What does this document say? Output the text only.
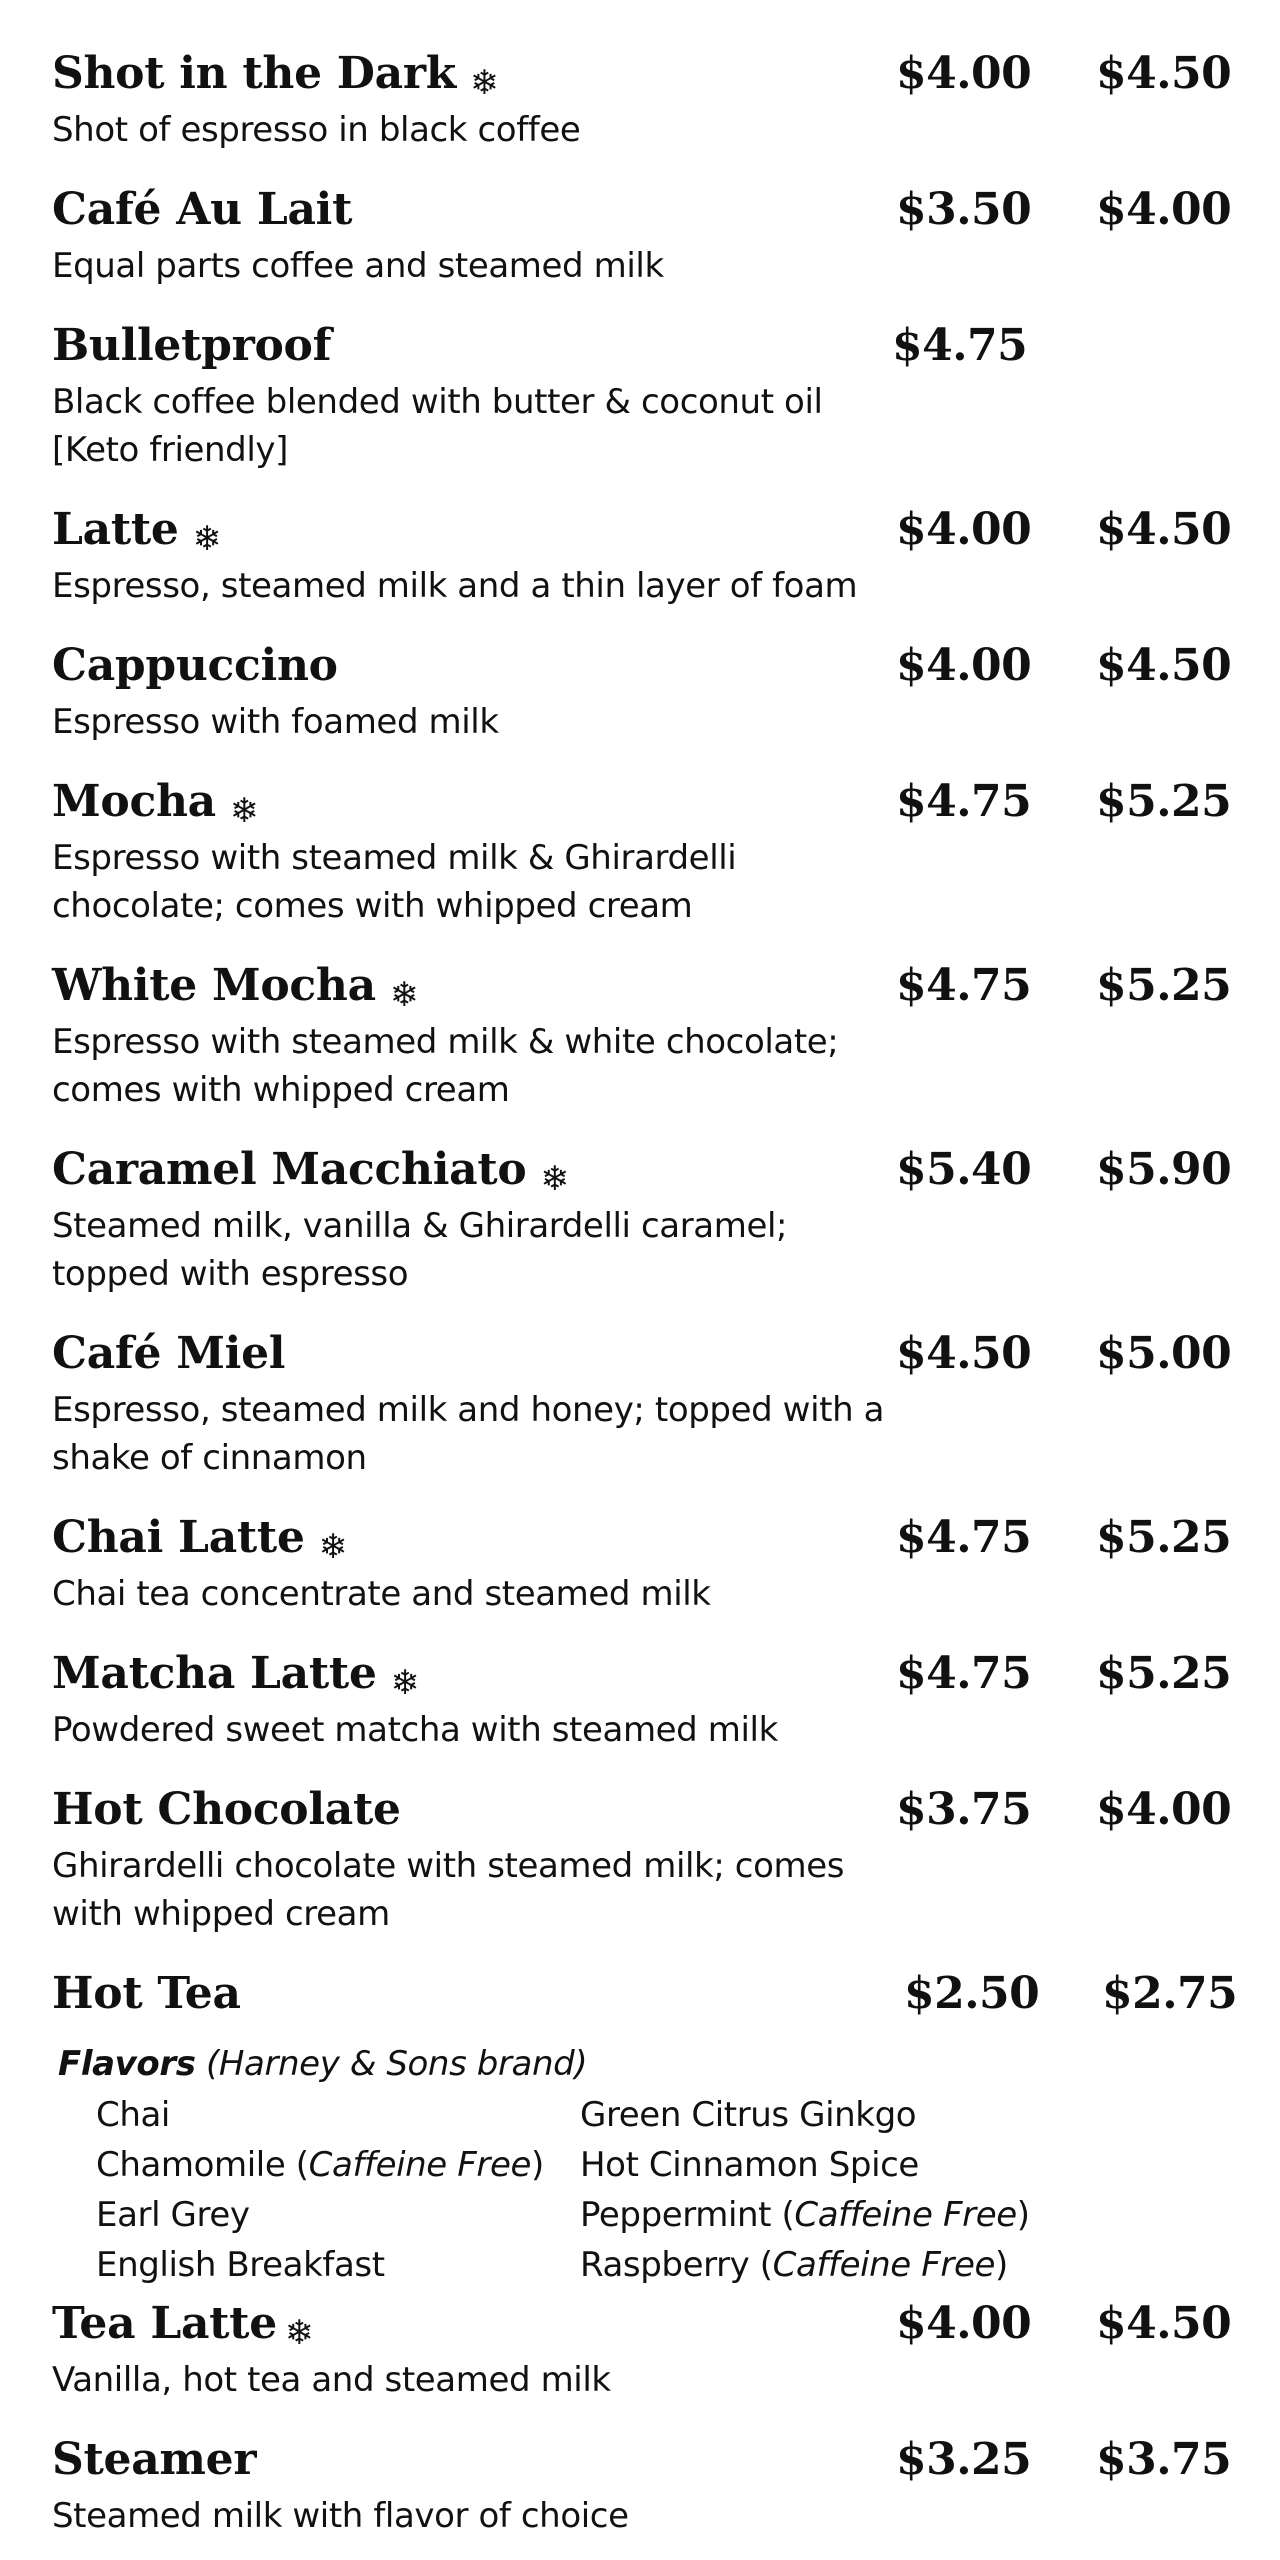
Shot in the Dark ❄	$4.00 $4.50
Shot of espresso in black coffee
Café Au Lait	$3.50 $4.00
Equal parts coffee and steamed milk
Bulletproof	$4.75
Black coffee blended with butter & coconut oil [Keto friendly]
Latte ❄	$4.00 $4.50
Espresso, steamed milk and a thin layer of foam
Cappuccino	$4.00 $4.50
Espresso with foamed milk
Mocha ❄	$4.75 $5.25
Espresso with steamed milk & Ghirardelli chocolate; comes with whipped cream
White Mocha ❄	$4.75 $5.25
Espresso with steamed milk & white chocolate; comes with whipped cream
Caramel Macchiato ❄	$5.40 $5.90
Steamed milk, vanilla & Ghirardelli caramel; topped with espresso
Café Miel	$4.50 $5.00
Espresso, steamed milk and honey; topped with a shake of cinnamon
Chai Latte ❄	$4.75 $5.25
Chai tea concentrate and steamed milk
Matcha Latte ❄	$4.75 $5.25
Powdered sweet matcha with steamed milk
Hot Chocolate	$3.75 $4.00
Ghirardelli chocolate with steamed milk; comes with whipped cream
Hot Tea	$2.50 $2.75
Flavors (Harney & Sons brand)
Chai
Chamomile (Caffeine Free)
Earl Grey
English Breakfast
Green Citrus Ginkgo
Hot Cinnamon Spice
Peppermint (Caffeine Free)
Raspberry (Caffeine Free)
Tea Latte ❄	$4.00 $4.50
Vanilla, hot tea and steamed milk
Steamer	$3.25 $3.75
Steamed milk with flavor of choice
